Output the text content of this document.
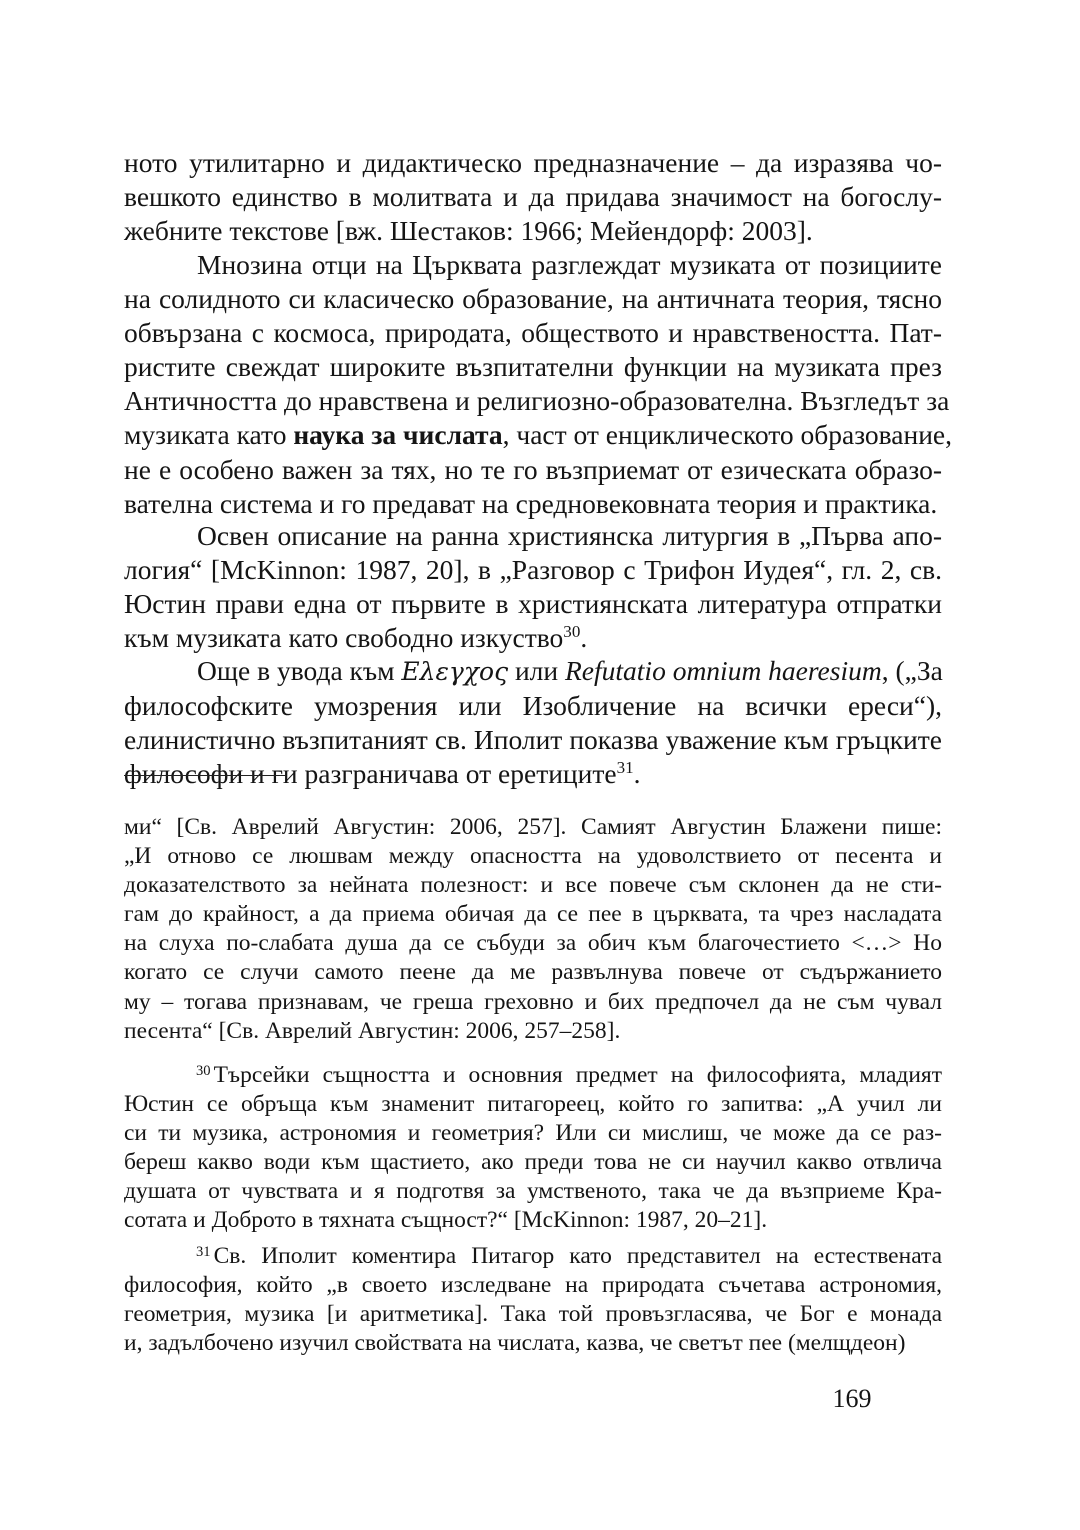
ното утилитарно и дидактическо предназначение – да изразява чо-
вешкото единство в молитвата и да придава значимост на богослу-
жебните текстове [вж. Шестаков: 1966; Мейендорф: 2003].
Мнозина отци на Църквата разглеждат музиката от позициите
на солидното си класическо образование, на античната теория, тясно
обвързана с космоса, природата, обществото и нравствеността. Пат-
ристите свеждат широките възпитателни функции на музиката през
Античността до нравствена и религиозно-образователна. Възгледът за
музиката като наука за числата, част от енциклическото образование,
не е особено важен за тях, но те го възприемат от езическата образо-
вателна система и го предават на средновековната теория и практика.
Освен описание на ранна християнска литургия в „Първа апо-
логия“ [McKinnon: 1987, 20], в „Разговор с Трифон Иудея“, гл. 2, св.
Юстин прави една от първите в християнската литература отпратки
към музиката като свободно изкуство$^{30}$.
Още в увода към Ελεγχος или Refutatio omnium haeresium, („За
философските умозрения или Изобличение на всички ереси“),
елинистично възпитаният св. Иполит показва уважение към гръцките
философи и ги разграничава от еретиците$^{31}$.
ми“ [Св. Аврелий Августин: 2006, 257]. Самият Августин Блажени пише:
„И отново се люшвам между опасността на удоволствието от песента и
доказателството за нейната полезност: и все повече съм склонен да не сти-
гам до крайност, а да приема обичая да се пее в църквата, та чрез насладата
на слуха по-слабата душа да се събуди за обич към благочестието <…> Но
когато се случи самото пеене да ме развълнува повече от съдържанието
му – тогава признавам, че греша греховно и бих предпочел да не съм чувал
песента“ [Св. Аврелий Августин: 2006, 257–258].
$^{30}$ Търсейки същността и основния предмет на философията, младият
Юстин се обръща към знаменит питагореец, който го запитва: „А учил ли
си ти музика, астрономия и геометрия? Или си мислиш, че може да се раз-
береш какво води към щастието, ако преди това не си научил какво отвлича
душата от чувствата и я подготвя за умственото, така че да възприеме Кра-
сотата и Доброто в тяхната същност?“ [McKinnon: 1987, 20–21].
$^{31}$ Св. Иполит коментира Питагор като представител на естествената
философия, който „в своето изследване на природата съчетава астрономия,
геометрия, музика [и аритметика]. Така той провъзгласява, че Бог е монада
и, задълбочено изучил свойствата на числата, казва, че светът пее (мелщдеон)
169
